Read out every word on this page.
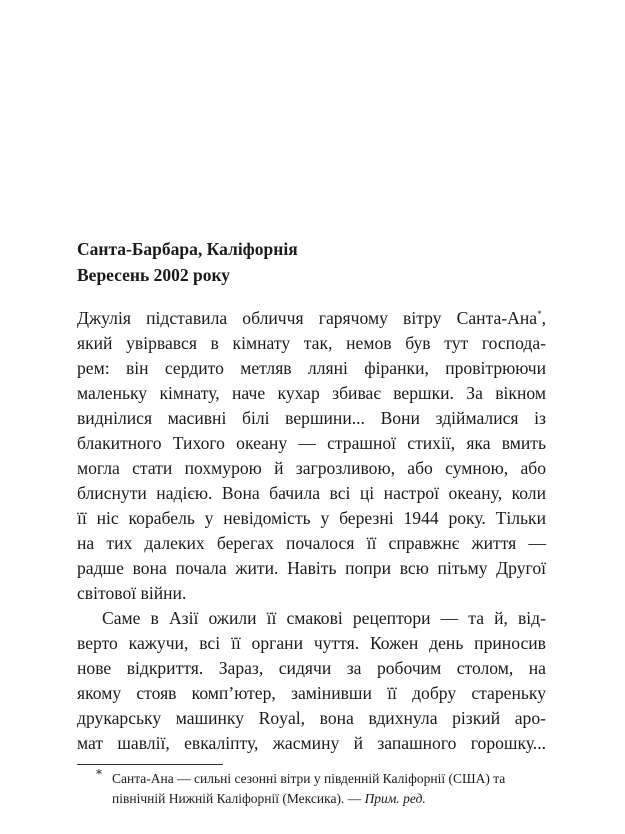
Санта-Барбара, Каліфорнія
Вересень 2002 року
Джулія підставила обличчя гарячому вітру Санта-Ана*,
який увірвався в кімнату так, немов був тут господа-
рем: він сердито метляв лляні фіранки, провітрюючи
маленьку кімнату, наче кухар збиває вершки. За вікном
виднілися масивні білі вершини... Вони здіймалися із
блакитного Тихого океану — страшної стихії, яка вмить
могла стати похмурою й загрозливою, або сумною, або
блиснути надією. Вона бачила всі ці настрої океану, коли
її ніс корабель у невідомість у березні 1944 року. Тільки
на тих далеких берегах почалося її справжнє життя —
радше вона почала жити. Навіть попри всю пітьму Другої
світової війни.
Саме в Азії ожили її смакові рецептори — та й, від-
верто кажучи, всі її органи чуття. Кожен день приносив
нове відкриття. Зараз, сидячи за робочим столом, на
якому стояв комп’ютер, замінивши її добру стареньку
друкарську машинку Royal, вона вдихнула різкий аро-
мат шавлії, евкаліпту, жасмину й запашного горошку...
* Санта-Ана — сильні сезонні вітри у південній Каліфорнії (США) та північній Нижній Каліфорнії (Мексика). — Прим. ред.
